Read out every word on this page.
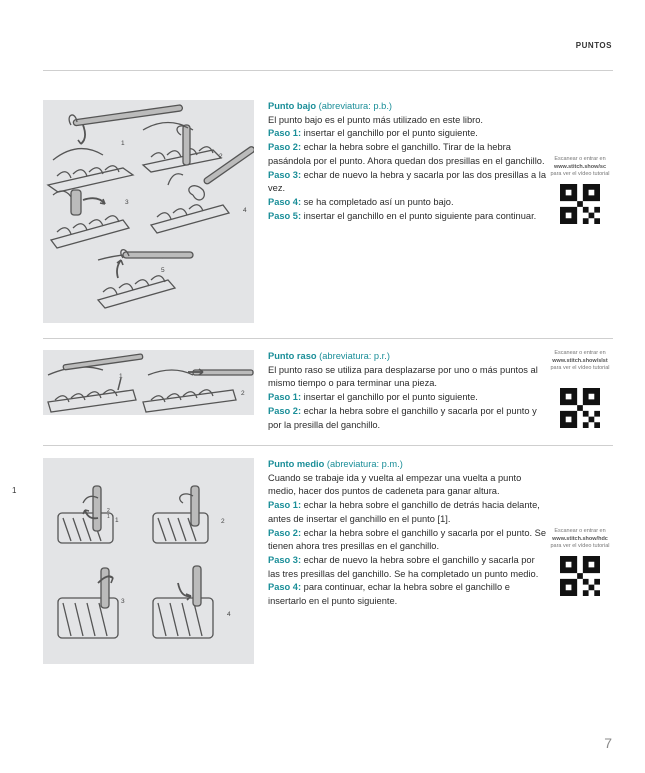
PUNTOS
1
2
3
4
5
Punto bajo (abreviatura: p.b.)
El punto bajo es el punto más utilizado en este libro.
Paso 1: insertar el ganchillo por el punto siguiente.
Paso 2: echar la hebra sobre el ganchillo. Tirar de la hebra pasándola por el punto. Ahora quedan dos presillas en el ganchillo.
Paso 3: echar de nuevo la hebra y sacarla por las dos presillas a la vez.
Paso 4: se ha completado así un punto bajo.
Paso 5: insertar el ganchillo en el punto siguiente para continuar.
Escanear o entrar en
www.stitch.show/sc
para ver el vídeo tutorial
1
2
Punto raso (abreviatura: p.r.)
El punto raso se utiliza para desplazarse por uno o más puntos al mismo tiempo o para terminar una pieza.
Paso 1: insertar el ganchillo por el punto siguiente.
Paso 2: echar la hebra sobre el ganchillo y sacarla por el punto y por la presilla del ganchillo.
Escanear o entrar en
www.stitch.show/slst
para ver el vídeo tutorial
2
1 1	2
3
4
Punto medio (abreviatura: p.m.)
Cuando se trabaje ida y vuelta al empezar una vuelta a punto medio, hacer dos puntos de cadeneta para ganar altura.
Paso 1: echar la hebra sobre el ganchillo de detrás hacia delante, antes de insertar el ganchillo en el punto [1].
Paso 2: echar la hebra sobre el ganchillo y sacarla por el punto. Se tienen ahora tres presillas en el ganchillo.
Paso 3: echar de nuevo la hebra sobre el ganchillo y sacarla por las tres presillas del ganchillo. Se ha completado un punto medio.
Paso 4: para continuar, echar la hebra sobre el ganchillo e insertarlo en el punto siguiente.
Escanear o entrar en
www.stitch.show/hdc
para ver el vídeo tutorial
1
7
